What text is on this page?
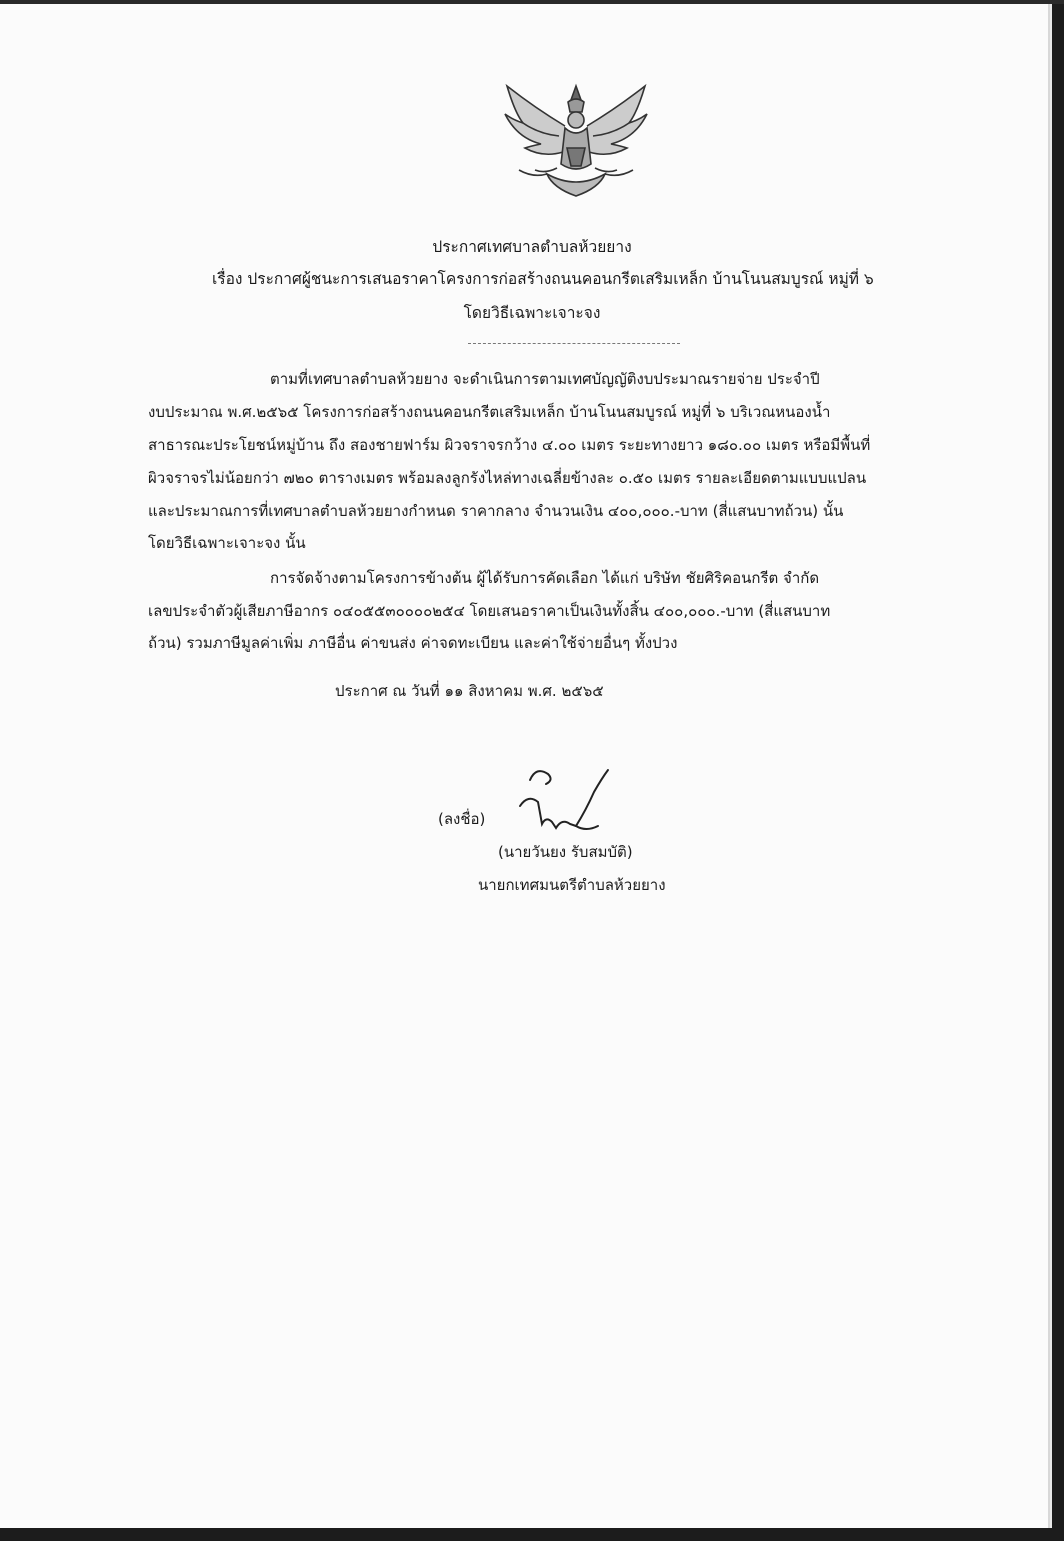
ประกาศเทศบาลตำบลห้วยยาง
เรื่อง ประกาศผู้ชนะการเสนอราคาโครงการก่อสร้างถนนคอนกรีตเสริมเหล็ก บ้านโนนสมบูรณ์ หมู่ที่ ๖
โดยวิธีเฉพาะเจาะจง
ตามที่เทศบาลตำบลห้วยยาง จะดำเนินการตามเทศบัญญัติงบประมาณรายจ่าย ประจำปี
งบประมาณ พ.ศ.๒๕๖๕ โครงการก่อสร้างถนนคอนกรีตเสริมเหล็ก บ้านโนนสมบูรณ์ หมู่ที่ ๖ บริเวณหนองน้ำ
สาธารณะประโยชน์หมู่บ้าน ถึง สองชายฟาร์ม ผิวจราจรกว้าง ๔.๐๐ เมตร ระยะทางยาว ๑๘๐.๐๐ เมตร หรือมีพื้นที่
ผิวจราจรไม่น้อยกว่า ๗๒๐ ตารางเมตร พร้อมลงลูกรังไหล่ทางเฉลี่ยข้างละ ๐.๕๐ เมตร รายละเอียดตามแบบแปลน
และประมาณการที่เทศบาลตำบลห้วยยางกำหนด ราคากลาง จำนวนเงิน ๔๐๐,๐๐๐.-บาท (สี่แสนบาทถ้วน) นั้น
โดยวิธีเฉพาะเจาะจง นั้น
การจัดจ้างตามโครงการข้างต้น ผู้ได้รับการคัดเลือก ได้แก่ บริษัท ชัยศิริคอนกรีต จำกัด
เลขประจำตัวผู้เสียภาษีอากร ๐๔๐๕๕๓๐๐๐๐๒๕๔ โดยเสนอราคาเป็นเงินทั้งสิ้น ๔๐๐,๐๐๐.-บาท (สี่แสนบาท
ถ้วน) รวมภาษีมูลค่าเพิ่ม ภาษีอื่น ค่าขนส่ง ค่าจดทะเบียน และค่าใช้จ่ายอื่นๆ ทั้งปวง
ประกาศ ณ วันที่ ๑๑ สิงหาคม พ.ศ. ๒๕๖๕
(ลงชื่อ)
(นายวันยง รับสมบัติ)
นายกเทศมนตรีตำบลห้วยยาง
